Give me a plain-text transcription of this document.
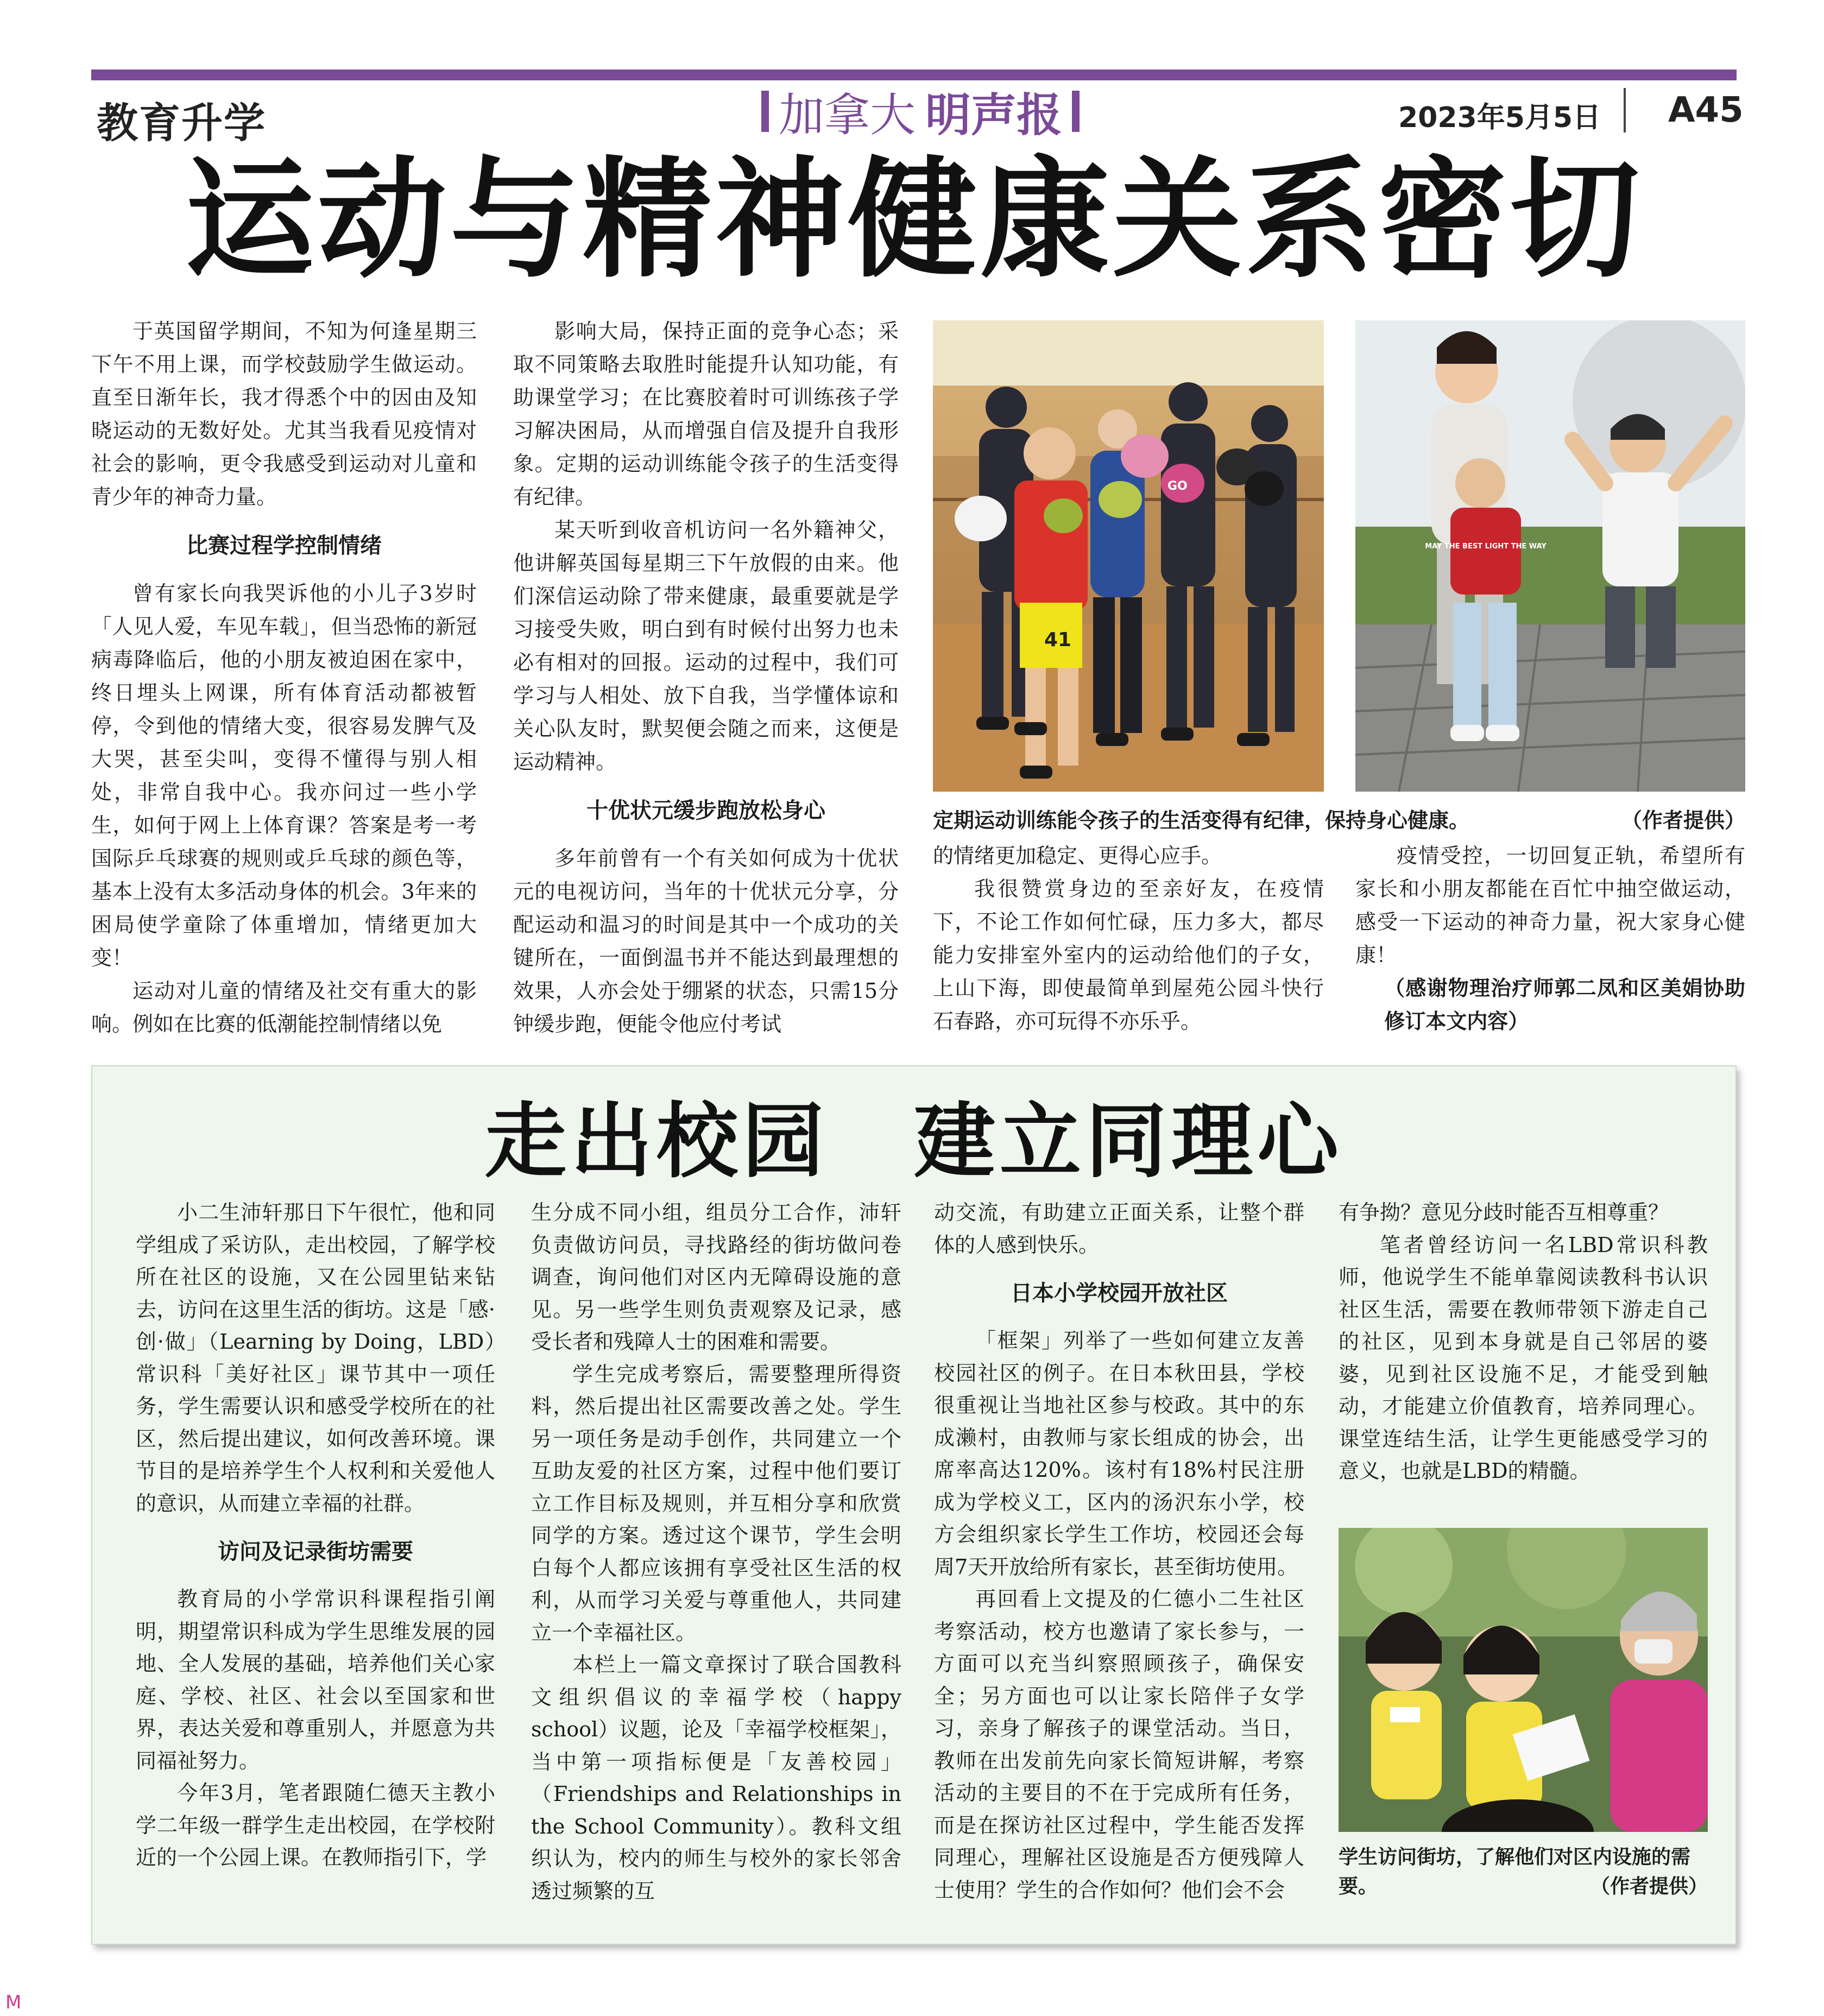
教育升学	加拿大 明声报	2023年5月5日 A45
运动与精神健康关系密切

于英国留学期间，不知为何逢星期三下午不用上课，而学校鼓励学生做运动。直至日渐年长，我才得悉个中的因由及知晓运动的无数好处。尤其当我看见疫情对社会的影响，更令我感受到运动对儿童和青少年的神奇力量。

比赛过程学控制情绪

曾有家长向我哭诉他的小儿子3岁时「人见人爱，车见车载」，但当恐怖的新冠病毒降临后，他的小朋友被迫困在家中，终日埋头上网课，所有体育活动都被暂停，令到他的情绪大变，很容易发脾气及大哭，甚至尖叫，变得不懂得与别人相处，非常自我中心。我亦问过一些小学生，如何于网上上体育课？答案是考一考国际乒乓球赛的规则或乒乓球的颜色等，基本上没有太多活动身体的机会。3年来的困局使学童除了体重增加，情绪更加大变！

运动对儿童的情绪及社交有重大的影响。例如在比赛的低潮能控制情绪以免

影响大局，保持正面的竞争心态；采取不同策略去取胜时能提升认知功能，有助课堂学习；在比赛胶着时可训练孩子学习解决困局，从而增强自信及提升自我形象。定期的运动训练能令孩子的生活变得有纪律。

某天听到收音机访问一名外籍神父，他讲解英国每星期三下午放假的由来。他们深信运动除了带来健康，最重要就是学习接受失败，明白到有时候付出努力也未必有相对的回报。运动的过程中，我们可学习与人相处、放下自我，当学懂体谅和关心队友时，默契便会随之而来，这便是运动精神。

十优状元缓步跑放松身心

多年前曾有一个有关如何成为十优状元的电视访问，当年的十优状元分享，分配运动和温习的时间是其中一个成功的关键所在，一面倒温书并不能达到最理想的效果，人亦会处于绷紧的状态，只需15分钟缓步跑，便能令他应付考试

41
GO
MAY THE BEST LIGHT THE WAY
定期运动训练能令孩子的生活变得有纪律，保持身心健康。	（作者提供）

的情绪更加稳定、更得心应手。

我很赞赏身边的至亲好友，在疫情下，不论工作如何忙碌，压力多大，都尽能力安排室外室内的运动给他们的子女，上山下海，即使最简单到屋苑公园斗快行石春路，亦可玩得不亦乐乎。

疫情受控，一切回复正轨，希望所有家长和小朋友都能在百忙中抽空做运动，感受一下运动的神奇力量，祝大家身心健康！

（感谢物理治疗师郭二凤和区美娟协助修订本文内容）

走出校园　建立同理心

小二生沛轩那日下午很忙，他和同学组成了采访队，走出校园，了解学校所在社区的设施，又在公园里钻来钻去，访问在这里生活的街坊。这是「感·创·做」（Learning by Doing，LBD）常识科「美好社区」课节其中一项任务，学生需要认识和感受学校所在的社区，然后提出建议，如何改善环境。课节目的是培养学生个人权利和关爱他人的意识，从而建立幸福的社群。

访问及记录街坊需要

教育局的小学常识科课程指引阐明，期望常识科成为学生思维发展的园地、全人发展的基础，培养他们关心家庭、学校、社区、社会以至国家和世界，表达关爱和尊重别人，并愿意为共同福祉努力。

今年3月，笔者跟随仁德天主教小学二年级一群学生走出校园，在学校附近的一个公园上课。在教师指引下，学

生分成不同小组，组员分工合作，沛轩负责做访问员，寻找路经的街坊做问卷调查，询问他们对区内无障碍设施的意见。另一些学生则负责观察及记录，感受长者和残障人士的困难和需要。

学生完成考察后，需要整理所得资料，然后提出社区需要改善之处。学生另一项任务是动手创作，共同建立一个互助友爱的社区方案，过程中他们要订立工作目标及规则，并互相分享和欣赏同学的方案。透过这个课节，学生会明白每个人都应该拥有享受社区生活的权利，从而学习关爱与尊重他人，共同建立一个幸福社区。

本栏上一篇文章探讨了联合国教科文组织倡议的幸福学校（happy school）议题，论及「幸福学校框架」，当中第一项指标便是「友善校园」（Friendships and Relationships in the School Community）。教科文组织认为，校内的师生与校外的家长邻舍透过频繁的互

动交流，有助建立正面关系，让整个群体的人感到快乐。

日本小学校园开放社区

「框架」列举了一些如何建立友善校园社区的例子。在日本秋田县，学校很重视让当地社区参与校政。其中的东成濑村，由教师与家长组成的协会，出席率高达120%。该村有18%村民注册成为学校义工，区内的汤沢东小学，校方会组织家长学生工作坊，校园还会每周7天开放给所有家长，甚至街坊使用。

再回看上文提及的仁德小二生社区考察活动，校方也邀请了家长参与，一方面可以充当纠察照顾孩子，确保安全；另方面也可以让家长陪伴子女学习，亲身了解孩子的课堂活动。当日，教师在出发前先向家长简短讲解，考察活动的主要目的不在于完成所有任务，而是在探访社区过程中，学生能否发挥同理心，理解社区设施是否方便残障人士使用？学生的合作如何？他们会不会

有争拗？意见分歧时能否互相尊重？

笔者曾经访问一名LBD常识科教师，他说学生不能单靠阅读教科书认识社区生活，需要在教师带领下游走自己的社区，见到本身就是自己邻居的婆婆，见到社区设施不足，才能受到触动，才能建立价值教育，培养同理心。课堂连结生活，让学生更能感受学习的意义，也就是LBD的精髓。

学生访问街坊，了解他们对区内设施的需要。	（作者提供）
M
